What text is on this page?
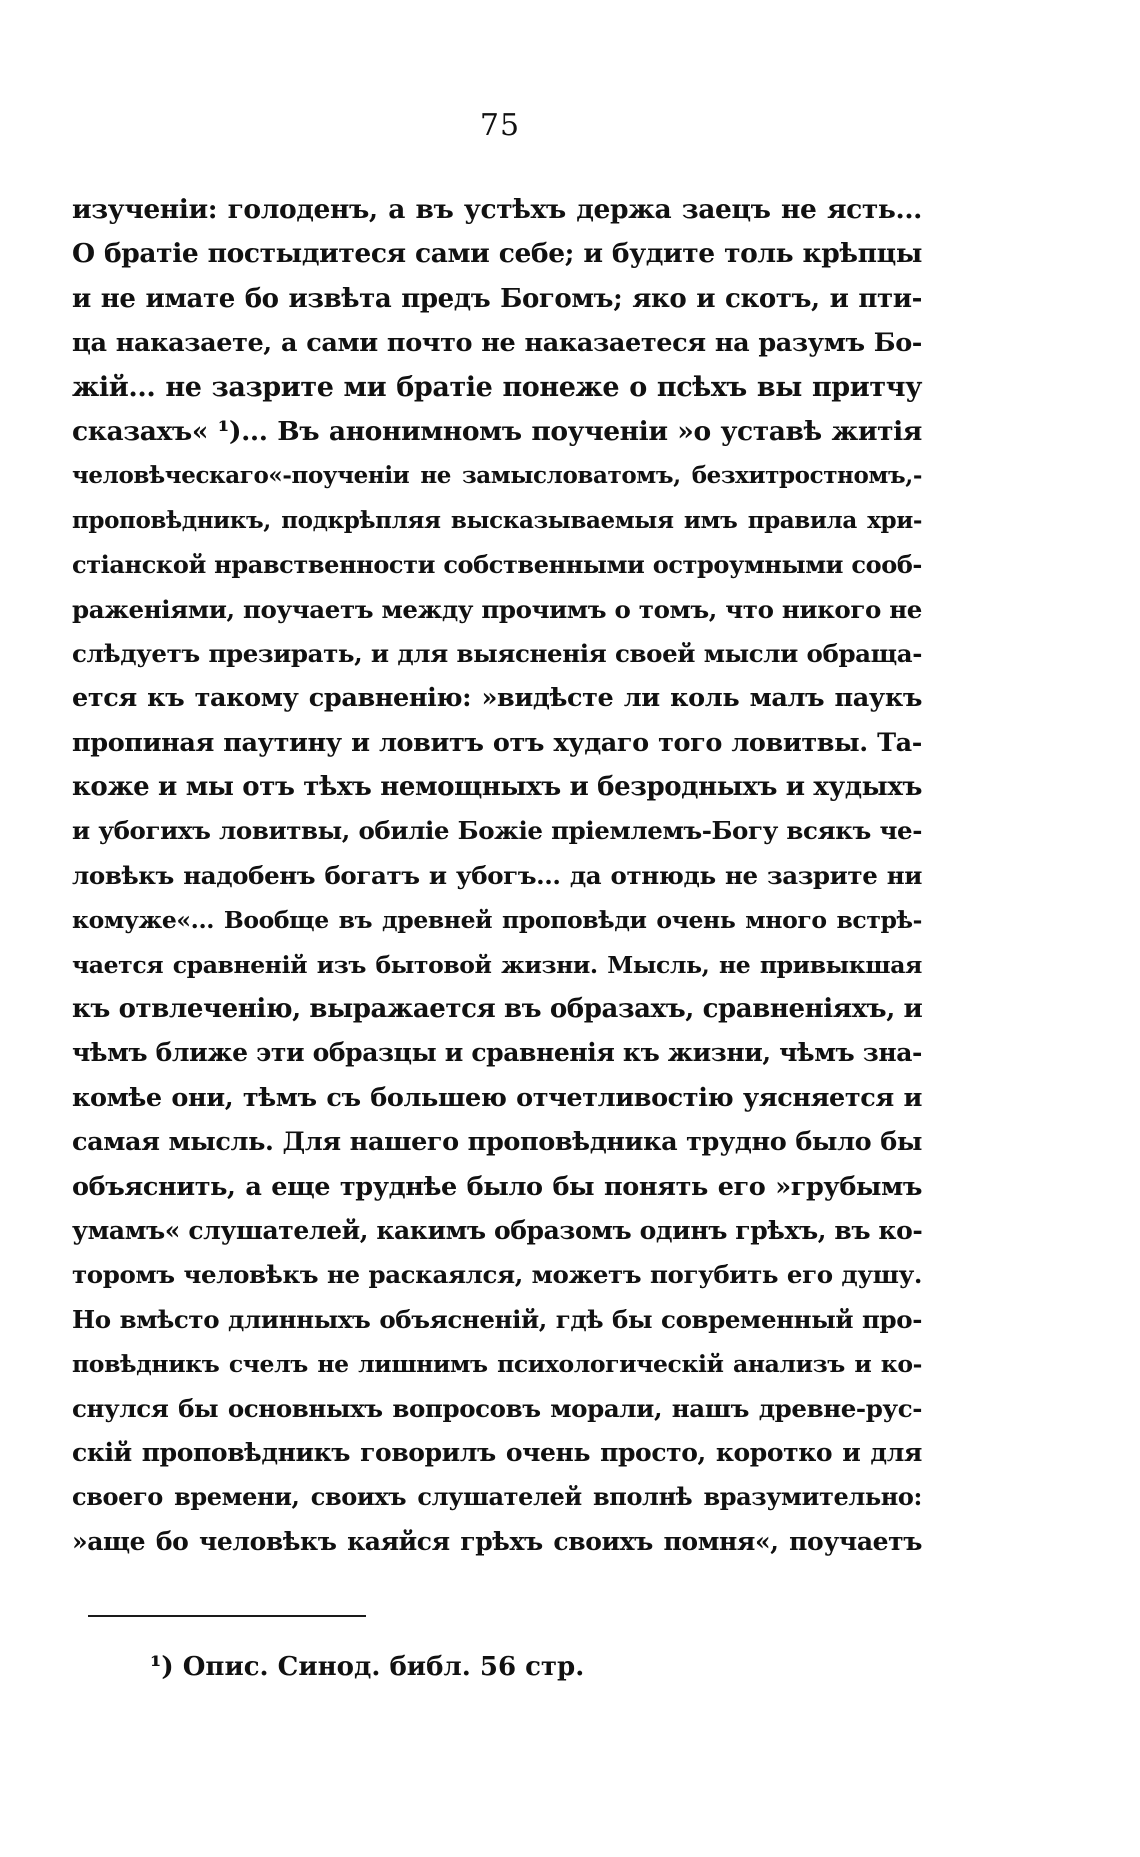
75
изученіи: голоденъ, а въ устѣхъ держа заецъ не ясть...
О братіе постыдитеся сами себе; и будите толь крѣпцы
и не имате бо извѣта предъ Богомъ; яко и скотъ, и пти-
ца наказаете, а сами почто не наказаетеся на разумъ Бо-
жій... не зазрите ми братіе понеже о псѣхъ вы притчу
сказахъ« ¹)... Въ анонимномъ поученіи »о уставѣ житія
человѣческаго«-поученіи не замысловатомъ, безхитростномъ,-
проповѣдникъ, подкрѣпляя высказываемыя имъ правила хри-
стіанской нравственности собственными остроумными сооб-
раженіями, поучаетъ между прочимъ о томъ, что никого не
слѣдуетъ презирать, и для выясненія своей мысли обраща-
ется къ такому сравненію: »видѣсте ли коль малъ паукъ
пропиная паутину и ловитъ отъ худаго того ловитвы. Та-
коже и мы отъ тѣхъ немощныхъ и безродныхъ и худыхъ
и убогихъ ловитвы, обиліе Божіе пріемлемъ-Богу всякъ че-
ловѣкъ надобенъ богатъ и убогъ... да отнюдь не зазрите ни
комуже«... Вообще въ древней проповѣди очень много встрѣ-
чается сравненій изъ бытовой жизни. Мысль, не привыкшая
къ отвлеченію, выражается въ образахъ, сравненіяхъ, и
чѣмъ ближе эти образцы и сравненія къ жизни, чѣмъ зна-
комѣе они, тѣмъ съ большею отчетливостію уясняется и
самая мысль. Для нашего проповѣдника трудно было бы
объяснить, а еще труднѣе было бы понять его »грубымъ
умамъ« слушателей, какимъ образомъ одинъ грѣхъ, въ ко-
торомъ человѣкъ не раскаялся, можетъ погубить его душу.
Но вмѣсто длинныхъ объясненій, гдѣ бы современный про-
повѣдникъ счелъ не лишнимъ психологическій анализъ и ко-
снулся бы основныхъ вопросовъ морали, нашъ древне-рус-
скій проповѣдникъ говорилъ очень просто, коротко и для
своего времени, своихъ слушателей вполнѣ вразумительно:
»аще бо человѣкъ каяйся грѣхъ своихъ помня«, поучаетъ
¹) Опис. Синод. библ. 56 стр.
